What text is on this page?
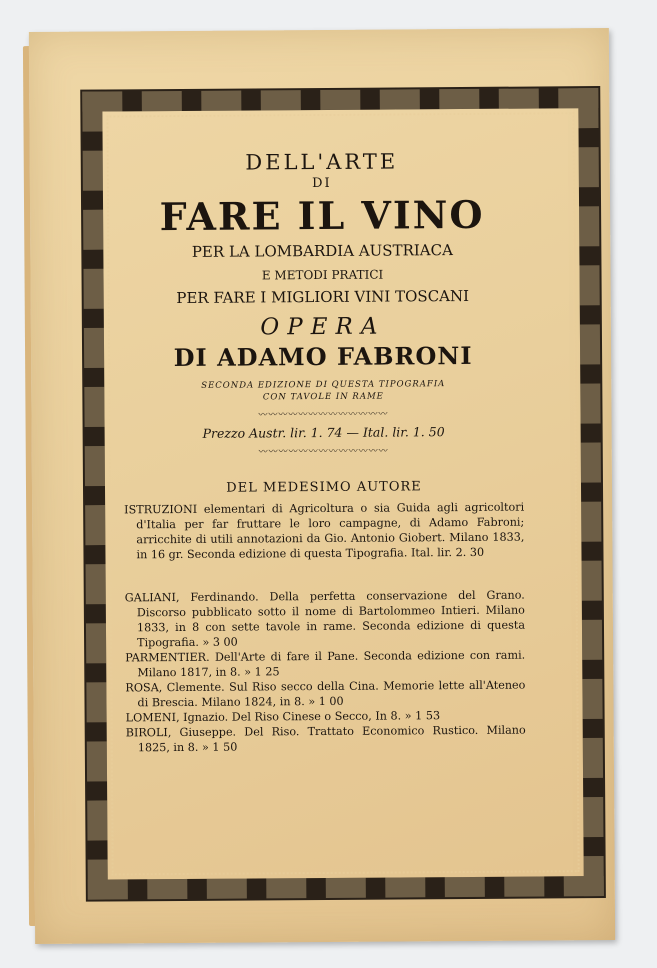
DELL'ARTE
DI
FARE IL VINO
PER LA LOMBARDIA AUSTRIACA
E METODI PRATICI
PER FARE I MIGLIORI VINI TOSCANI
OPERA
DI ADAMO FABRONI
SECONDA EDIZIONE DI QUESTA TIPOGRAFIA
CON TAVOLE IN RAME
〰〰〰〰〰〰〰〰〰〰〰〰〰
Prezzo Austr. lir. 1. 74 — Ital. lir. 1. 50
〰〰〰〰〰〰〰〰〰〰〰〰〰
DEL MEDESIMO AUTORE

ISTRUZIONI elementari di Agricoltura o sia Guida agli agricoltori d'Italia per far fruttare le loro campagne, di Adamo Fabroni; arricchite di utili annotazioni da Gio. Antonio Giobert. Milano 1833, in 16 gr. Seconda edizione di questa Tipografia. Ital. lir. 2. 30

GALIANI, Ferdinando. Della perfetta conservazione del Grano. Discorso pubblicato sotto il nome di Bartolommeo Intieri. Milano 1833, in 8 con sette tavole in rame. Seconda edizione di questa Tipografia. » 3 00

PARMENTIER. Dell'Arte di fare il Pane. Seconda edizione con rami. Milano 1817, in 8. » 1 25

ROSA, Clemente. Sul Riso secco della Cina. Memorie lette all'Ateneo di Brescia. Milano 1824, in 8. » 1 00

LOMENI, Ignazio. Del Riso Cinese o Secco, In 8. » 1 53

BIROLI, Giuseppe. Del Riso. Trattato Economico Rustico. Milano 1825, in 8. » 1 50
